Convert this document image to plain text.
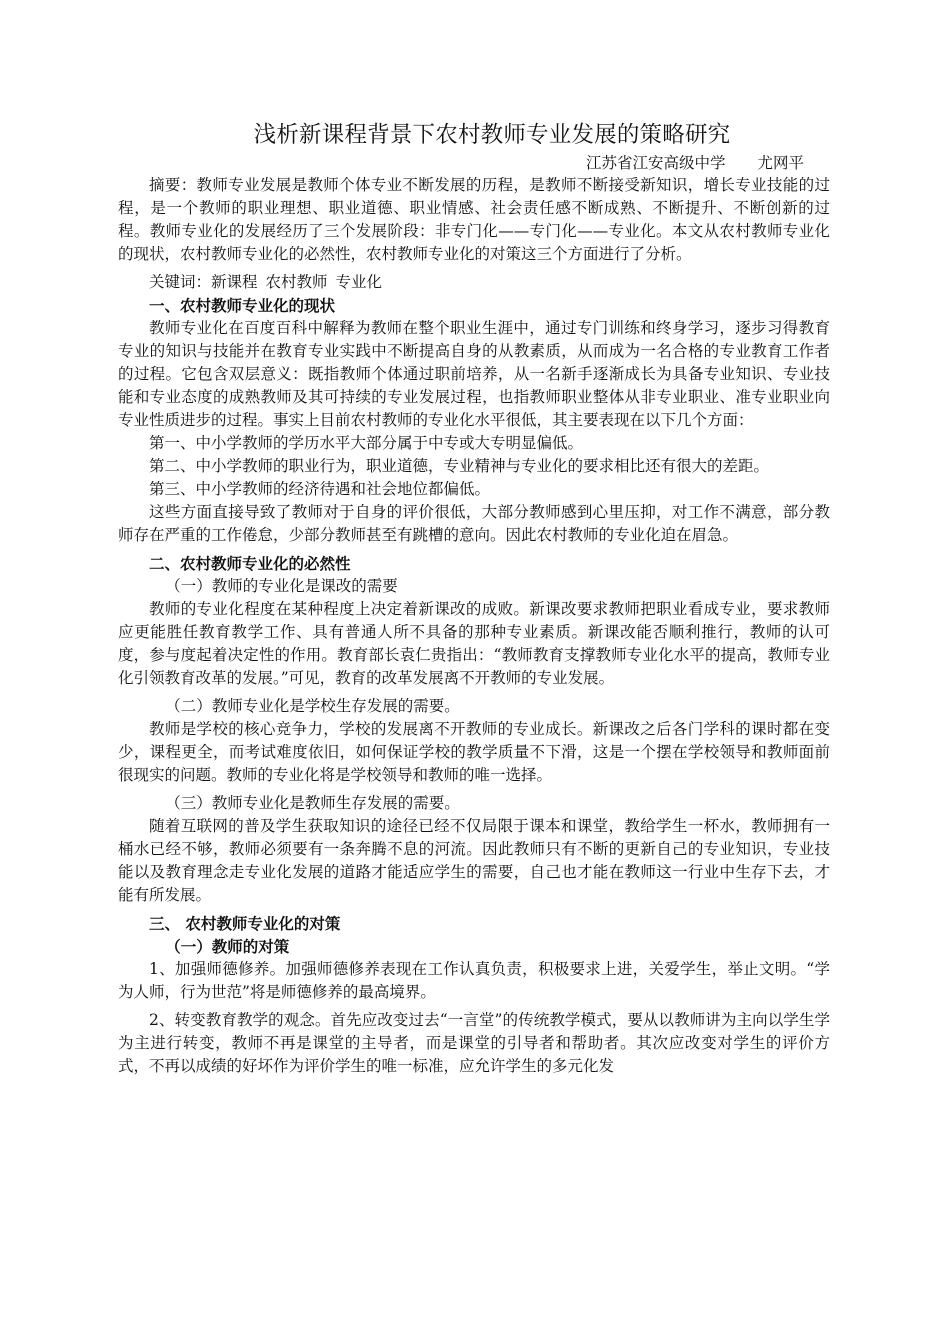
浅析新课程背景下农村教师专业发展的策略研究

江苏省江安高级中学 尤网平

摘要：教师专业发展是教师个体专业不断发展的历程，是教师不断接受新知识，增长专业技能的过程，是一个教师的职业理想、职业道德、职业情感、社会责任感不断成熟、不断提升、不断创新的过程。教师专业化的发展经历了三个发展阶段：非专门化——专门化——专业化。本文从农村教师专业化的现状，农村教师专业化的必然性，农村教师专业化的对策这三个方面进行了分析。

关键词：新课程 农村教师 专业化

一、农村教师专业化的现状

教师专业化在百度百科中解释为教师在整个职业生涯中，通过专门训练和终身学习，逐步习得教育专业的知识与技能并在教育专业实践中不断提高自身的从教素质，从而成为一名合格的专业教育工作者的过程。它包含双层意义：既指教师个体通过职前培养，从一名新手逐渐成长为具备专业知识、专业技能和专业态度的成熟教师及其可持续的专业发展过程，也指教师职业整体从非专业职业、准专业职业向专业性质进步的过程。事实上目前农村教师的专业化水平很低，其主要表现在以下几个方面：

第一、中小学教师的学历水平大部分属于中专或大专明显偏低。

第二、中小学教师的职业行为，职业道德，专业精神与专业化的要求相比还有很大的差距。

第三、中小学教师的经济待遇和社会地位都偏低。

这些方面直接导致了教师对于自身的评价很低，大部分教师感到心里压抑，对工作不满意，部分教师存在严重的工作倦怠，少部分教师甚至有跳槽的意向。因此农村教师的专业化迫在眉急。

二、农村教师专业化的必然性

（一）教师的专业化是课改的需要

教师的专业化程度在某种程度上决定着新课改的成败。新课改要求教师把职业看成专业，要求教师应更能胜任教育教学工作、具有普通人所不具备的那种专业素质。新课改能否顺利推行，教师的认可度，参与度起着决定性的作用。教育部长袁仁贵指出：“教师教育支撑教师专业化水平的提高，教师专业化引领教育改革的发展。”可见，教育的改革发展离不开教师的专业发展。

（二）教师专业化是学校生存发展的需要。

教师是学校的核心竞争力，学校的发展离不开教师的专业成长。新课改之后各门学科的课时都在变少，课程更全，而考试难度依旧，如何保证学校的教学质量不下滑，这是一个摆在学校领导和教师面前很现实的问题。教师的专业化将是学校领导和教师的唯一选择。

（三）教师专业化是教师生存发展的需要。

随着互联网的普及学生获取知识的途径已经不仅局限于课本和课堂，教给学生一杯水，教师拥有一桶水已经不够，教师必须要有一条奔腾不息的河流。因此教师只有不断的更新自己的专业知识，专业技能以及教育理念走专业化发展的道路才能适应学生的需要，自己也才能在教师这一行业中生存下去，才能有所发展。

三、 农村教师专业化的对策

（一）教师的对策

1、加强师德修养。加强师德修养表现在工作认真负责，积极要求上进，关爱学生，举止文明。“学为人师，行为世范”将是师德修养的最高境界。

2、转变教育教学的观念。首先应改变过去“一言堂”的传统教学模式，要从以教师讲为主向以学生学为主进行转变，教师不再是课堂的主导者，而是课堂的引导者和帮助者。其次应改变对学生的评价方式，不再以成绩的好坏作为评价学生的唯一标准，应允许学生的多元化发
